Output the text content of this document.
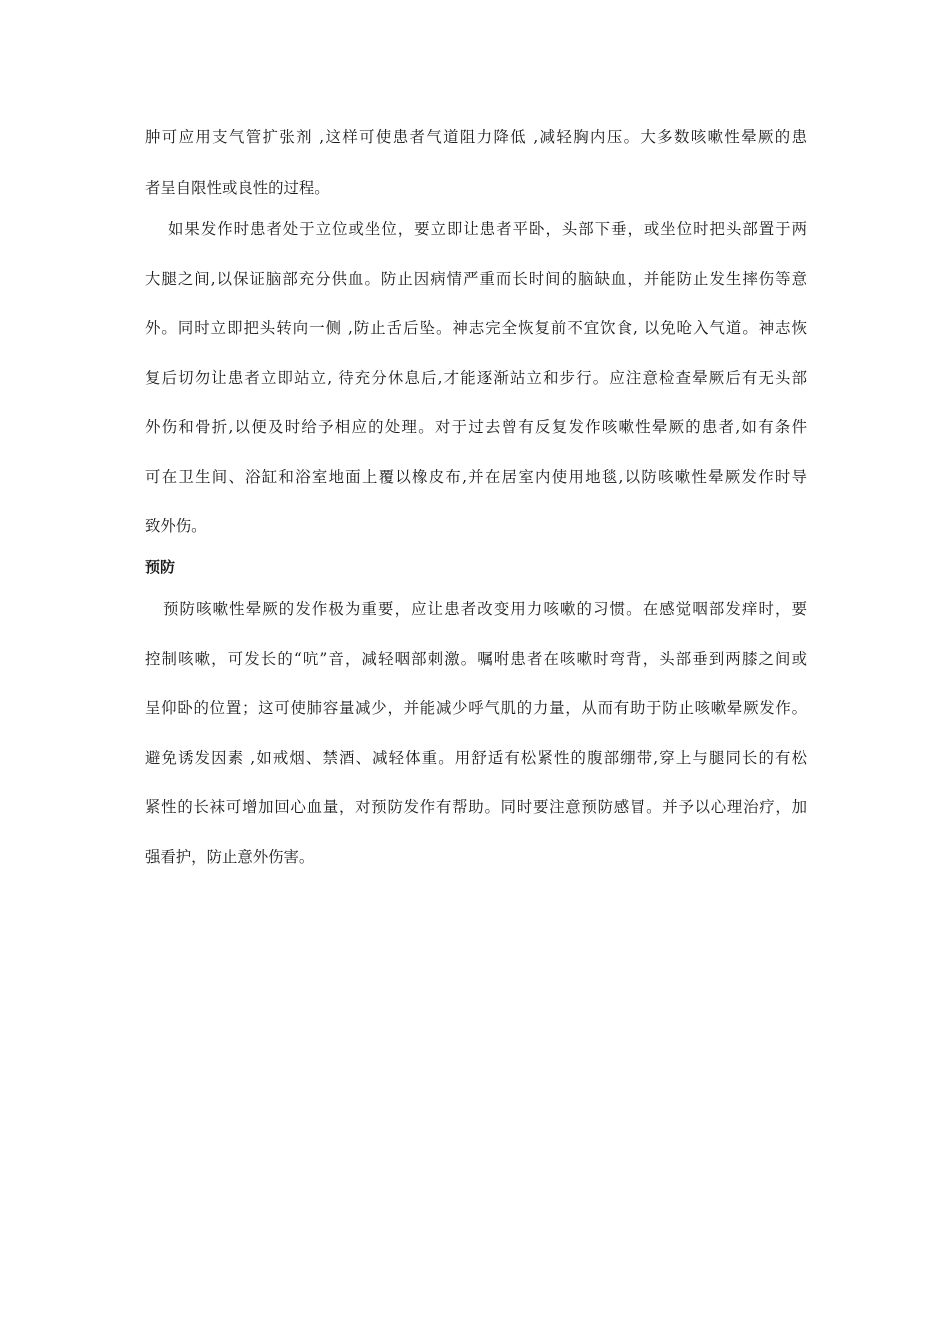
肿可应用支气管扩张剂 ,这样可使患者气道阻力降低 ,减轻胸内压。大多数咳嗽性晕厥的患
者呈自限性或良性的过程。
如果发作时患者处于立位或坐位，要立即让患者平卧，头部下垂，或坐位时把头部置于两
大腿之间,以保证脑部充分供血。防止因病情严重而长时间的脑缺血，并能防止发生摔伤等意
外。同时立即把头转向一侧 ,防止舌后坠。神志完全恢复前不宜饮食, 以免呛入气道。神志恢
复后切勿让患者立即站立, 待充分休息后,才能逐渐站立和步行。应注意检查晕厥后有无头部
外伤和骨折,以便及时给予相应的处理。对于过去曾有反复发作咳嗽性晕厥的患者,如有条件
可在卫生间、浴缸和浴室地面上覆以橡皮布,并在居室内使用地毯,以防咳嗽性晕厥发作时导
致外伤。
预防
预防咳嗽性晕厥的发作极为重要，应让患者改变用力咳嗽的习惯。在感觉咽部发痒时，要
控制咳嗽，可发长的“吭”音，减轻咽部刺激。嘱咐患者在咳嗽时弯背，头部垂到两膝之间或
呈仰卧的位置；这可使肺容量减少，并能减少呼气肌的力量，从而有助于防止咳嗽晕厥发作。
避免诱发因素 ,如戒烟、禁酒、减轻体重。用舒适有松紧性的腹部绷带,穿上与腿同长的有松
紧性的长袜可增加回心血量，对预防发作有帮助。同时要注意预防感冒。并予以心理治疗，加
强看护，防止意外伤害。
